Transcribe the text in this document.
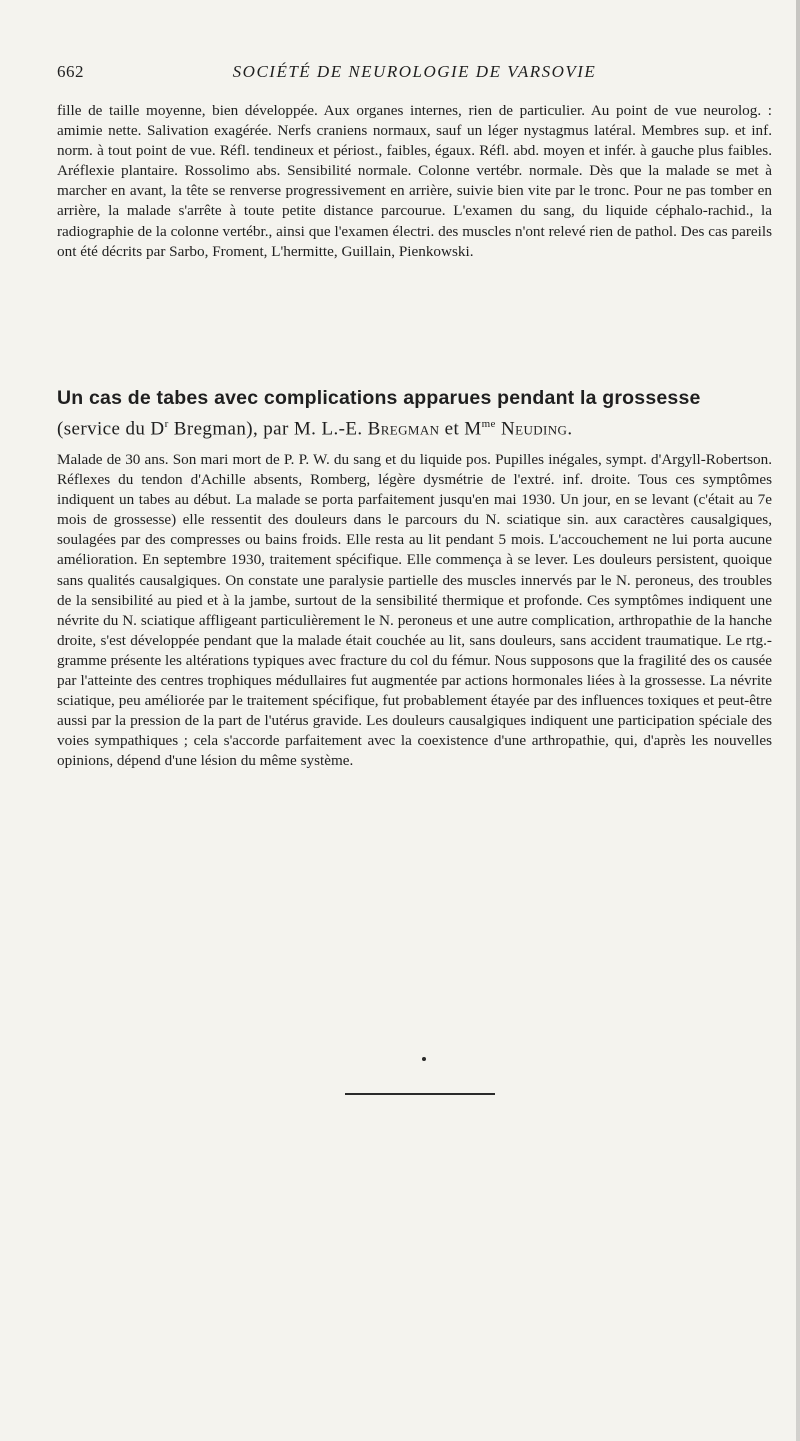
662	SOCIÉTÉ DE NEUROLOGIE DE VARSOVIE

fille de taille moyenne, bien développée. Aux organes internes, rien de particulier. Au point de vue neurolog. : amimie nette. Salivation exagérée. Nerfs craniens normaux, sauf un léger nystagmus latéral. Membres sup. et inf. norm. à tout point de vue. Réfl. tendineux et périost., faibles, égaux. Réfl. abd. moyen et infér. à gauche plus faibles. Aréflexie plantaire. Rossolimo abs. Sensibilité normale. Colonne vertébr. normale. Dès que la malade se met à marcher en avant, la tête se renverse progressivement en arrière, suivie bien vite par le tronc. Pour ne pas tomber en arrière, la malade s'arrête à toute petite distance parcourue. L'examen du sang, du liquide céphalo-rachid., la radiographie de la colonne vertébr., ainsi que l'examen électri. des muscles n'ont relevé rien de pathol. Des cas pareils ont été décrits par Sarbo, Froment, L'hermitte, Guillain, Pienkowski.

Un cas de tabes avec complications apparues pendant la grossesse

(service du $D^r$ Bregman), par M. L.-E. Bregman et $M^{me}$ Neuding.

Malade de 30 ans. Son mari mort de P. P. W. du sang et du liquide pos. Pupilles inégales, sympt. d'Argyll-Robertson. Réflexes du tendon d'Achille absents, Romberg, légère dysmétrie de l'extré. inf. droite. Tous ces symptômes indiquent un tabes au début. La malade se porta parfaitement jusqu'en mai 1930. Un jour, en se levant (c'était au 7e mois de grossesse) elle ressentit des douleurs dans le parcours du N. sciatique sin. aux caractères causalgiques, soulagées par des compresses ou bains froids. Elle resta au lit pendant 5 mois. L'accouchement ne lui porta aucune amélioration. En septembre 1930, traitement spécifique. Elle commença à se lever. Les douleurs persistent, quoique sans qualités causalgiques. On constate une paralysie partielle des muscles innervés par le N. peroneus, des troubles de la sensibilité au pied et à la jambe, surtout de la sensibilité thermique et profonde. Ces symptômes indiquent une névrite du N. sciatique affligeant particulièrement le N. peroneus et une autre complication, arthropathie de la hanche droite, s'est développée pendant que la malade était couchée au lit, sans douleurs, sans accident traumatique. Le rtg.-gramme présente les altérations typiques avec fracture du col du fémur. Nous supposons que la fragilité des os causée par l'atteinte des centres trophiques médullaires fut augmentée par actions hormonales liées à la grossesse. La névrite sciatique, peu améliorée par le traitement spécifique, fut probablement étayée par des influences toxiques et peut-être aussi par la pression de la part de l'utérus gravide. Les douleurs causalgiques indiquent une participation spéciale des voies sympathiques ; cela s'accorde parfaitement avec la coexistence d'une arthropathie, qui, d'après les nouvelles opinions, dépend d'une lésion du même système.
